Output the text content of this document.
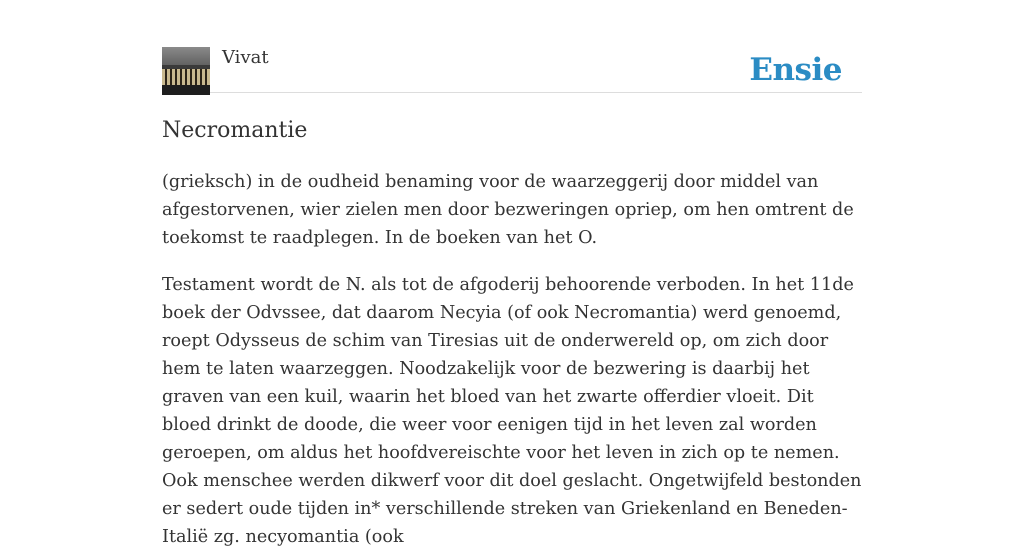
Vivat	Ensie
Necromantie

(grieksch) in de oudheid benaming voor de waarzeggerij door middel van afgestorvenen, wier zielen men door bezweringen opriep, om hen omtrent de toekomst te raadplegen. In de boeken van het O.

Testament wordt de N. als tot de afgoderij behoorende verboden. In het 11de boek der Odvssee, dat daarom Necyia (of ook Necromantia) werd genoemd, roept Odysseus de schim van Tiresias uit de onderwereld op, om zich door hem te laten waarzeggen. Noodzakelijk voor de bezwering is daarbij het graven van een kuil, waarin het bloed van het zwarte offerdier vloeit. Dit bloed drinkt de doode, die weer voor eenigen tijd in het leven zal worden geroepen, om aldus het hoofdvereischte voor het leven in zich op te nemen. Ook menschee werden dikwerf voor dit doel geslacht. Ongetwijfeld bestonden er sedert oude tijden in* verschillende streken van Griekenland en Beneden-Italië zg. necyomantia (ook
